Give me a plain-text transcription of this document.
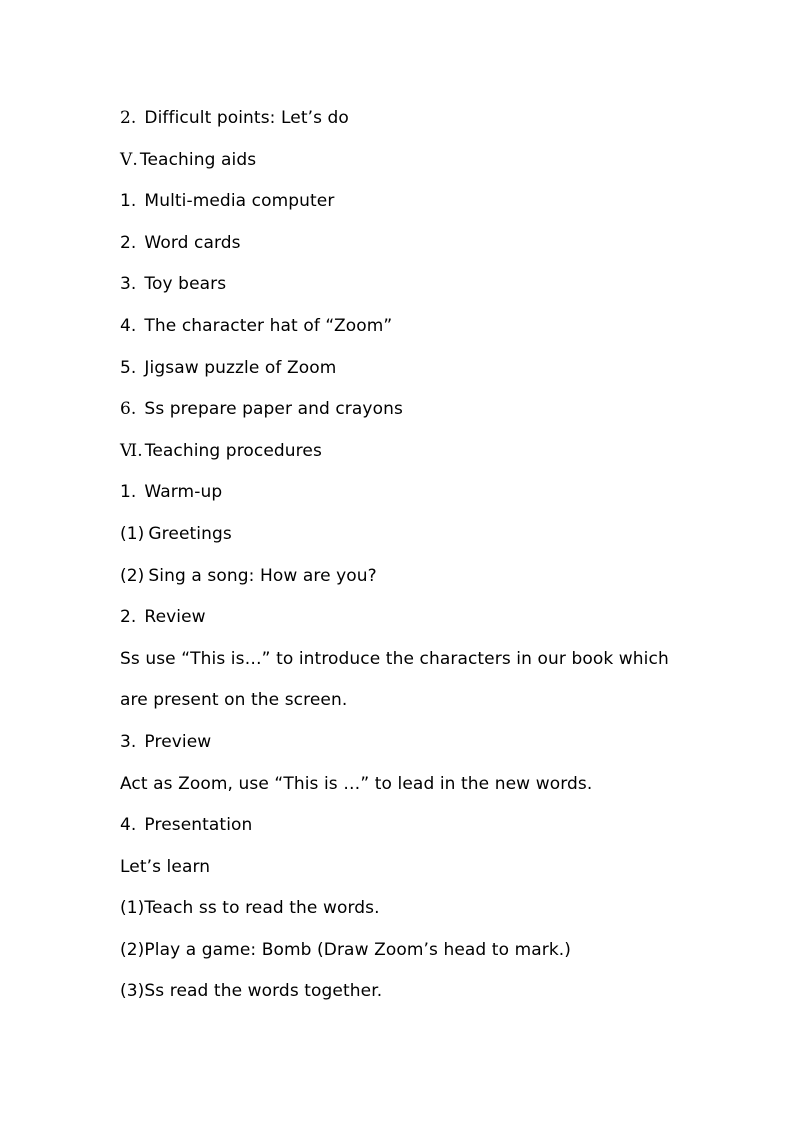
2. Difficult points: Let’s do
Ⅴ. Teaching aids
1. Multi-media computer
2. Word cards
3. Toy bears
4. The character hat of “Zoom”
5. Jigsaw puzzle of Zoom
6. Ss prepare paper and crayons
Ⅵ. Teaching procedures
1. Warm-up
(1) Greetings
(2) Sing a song: How are you?
2. Review
Ss use “This is…” to introduce the characters in our book which
are present on the screen.
3. Preview
Act as Zoom, use “This is …” to lead in the new words.
4. Presentation
Let’s learn
(1)Teach ss to read the words.
(2)Play a game: Bomb (Draw Zoom’s head to mark.)
(3)Ss read the words together.
